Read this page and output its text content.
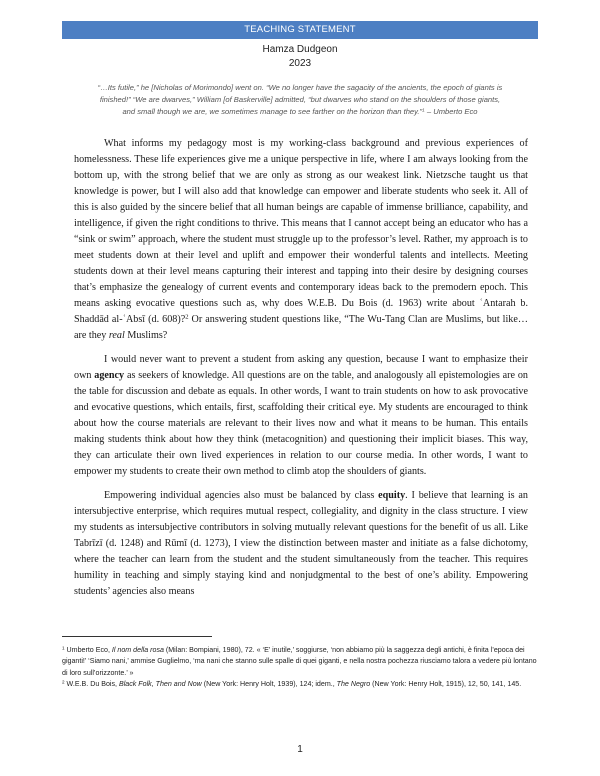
TEACHING STATEMENT
Hamza Dudgeon
2023

“…Its futile,” he [Nicholas of Morimondo] went on. “We no longer have the sagacity of the ancients, the epoch of giants is finished!” “We are dwarves,” William [of Baskerville] admitted, “but dwarves who stand on the shoulders of those giants, and small though we are, we sometimes manage to see farther on the horizon than they.”$^1$ – Umberto Eco

What informs my pedagogy most is my working-class background and previous experiences of homelessness. These life experiences give me a unique perspective in life, where I am always looking from the bottom up, with the strong belief that we are only as strong as our weakest link. Nietzsche taught us that knowledge is power, but I will also add that knowledge can empower and liberate students who seek it. All of this is also guided by the sincere belief that all human beings are capable of immense brilliance, capability, and intelligence, if given the right conditions to thrive. This means that I cannot accept being an educator who has a “sink or swim” approach, where the student must struggle up to the professor’s level. Rather, my approach is to meet students down at their level and uplift and empower their wonderful talents and intellects. Meeting students down at their level means capturing their interest and tapping into their desire by designing courses that’s emphasize the genealogy of current events and contemporary ideas back to the premodern epoch. This means asking evocative questions such as, why does W.E.B. Du Bois (d. 1963) write about ʿAntarah b. Shaddād al-ʿAbsī (d. 608)?$^2$ Or answering student questions like, “The Wu-Tang Clan are Muslims, but like… are they real Muslims?

I would never want to prevent a student from asking any question, because I want to emphasize their own agency as seekers of knowledge. All questions are on the table, and analogously all epistemologies are on the table for discussion and debate as equals. In other words, I want to train students on how to ask provocative and evocative questions, which entails, first, scaffolding their critical eye. My students are encouraged to think about how the course materials are relevant to their lives now and what it means to be human. This entails making students think about how they think (metacognition) and questioning their implicit biases. This way, they can articulate their own lived experiences in relation to our course media. In other words, I want to empower my students to create their own method to climb atop the shoulders of giants.

Empowering individual agencies also must be balanced by class equity. I believe that learning is an intersubjective enterprise, which requires mutual respect, collegiality, and dignity in the class structure. I view my students as intersubjective contributors in solving mutually relevant questions for the benefit of us all. Like Tabrīzī (d. 1248) and Rūmī (d. 1273), I view the distinction between master and initiate as a false dichotomy, where the teacher can learn from the student and the student simultaneously from the teacher. This requires humility in teaching and simply staying kind and nonjudgmental to the best of one’s ability. Empowering students’ agencies also means

$^1$ Umberto Eco, Il nom della rosa (Milan: Bompiani, 1980), 72. « ‘E’ inutile,’ soggiurse, ‘non abbiamo più la saggezza degli antichi, è finita l’epoca dei giganti!’ ‘Siamo nani,’ ammise Guglielmo, ‘ma nani che stanno sulle spalle di quei giganti, e nella nostra pochezza riusciamo talora a vedere più lontano di loro sull’orizzonte.’ »

$^2$ W.E.B. Du Bois, Black Folk, Then and Now (New York: Henry Holt, 1939), 124; idem., The Negro (New York: Henry Holt, 1915), 12, 50, 141, 145.

1
